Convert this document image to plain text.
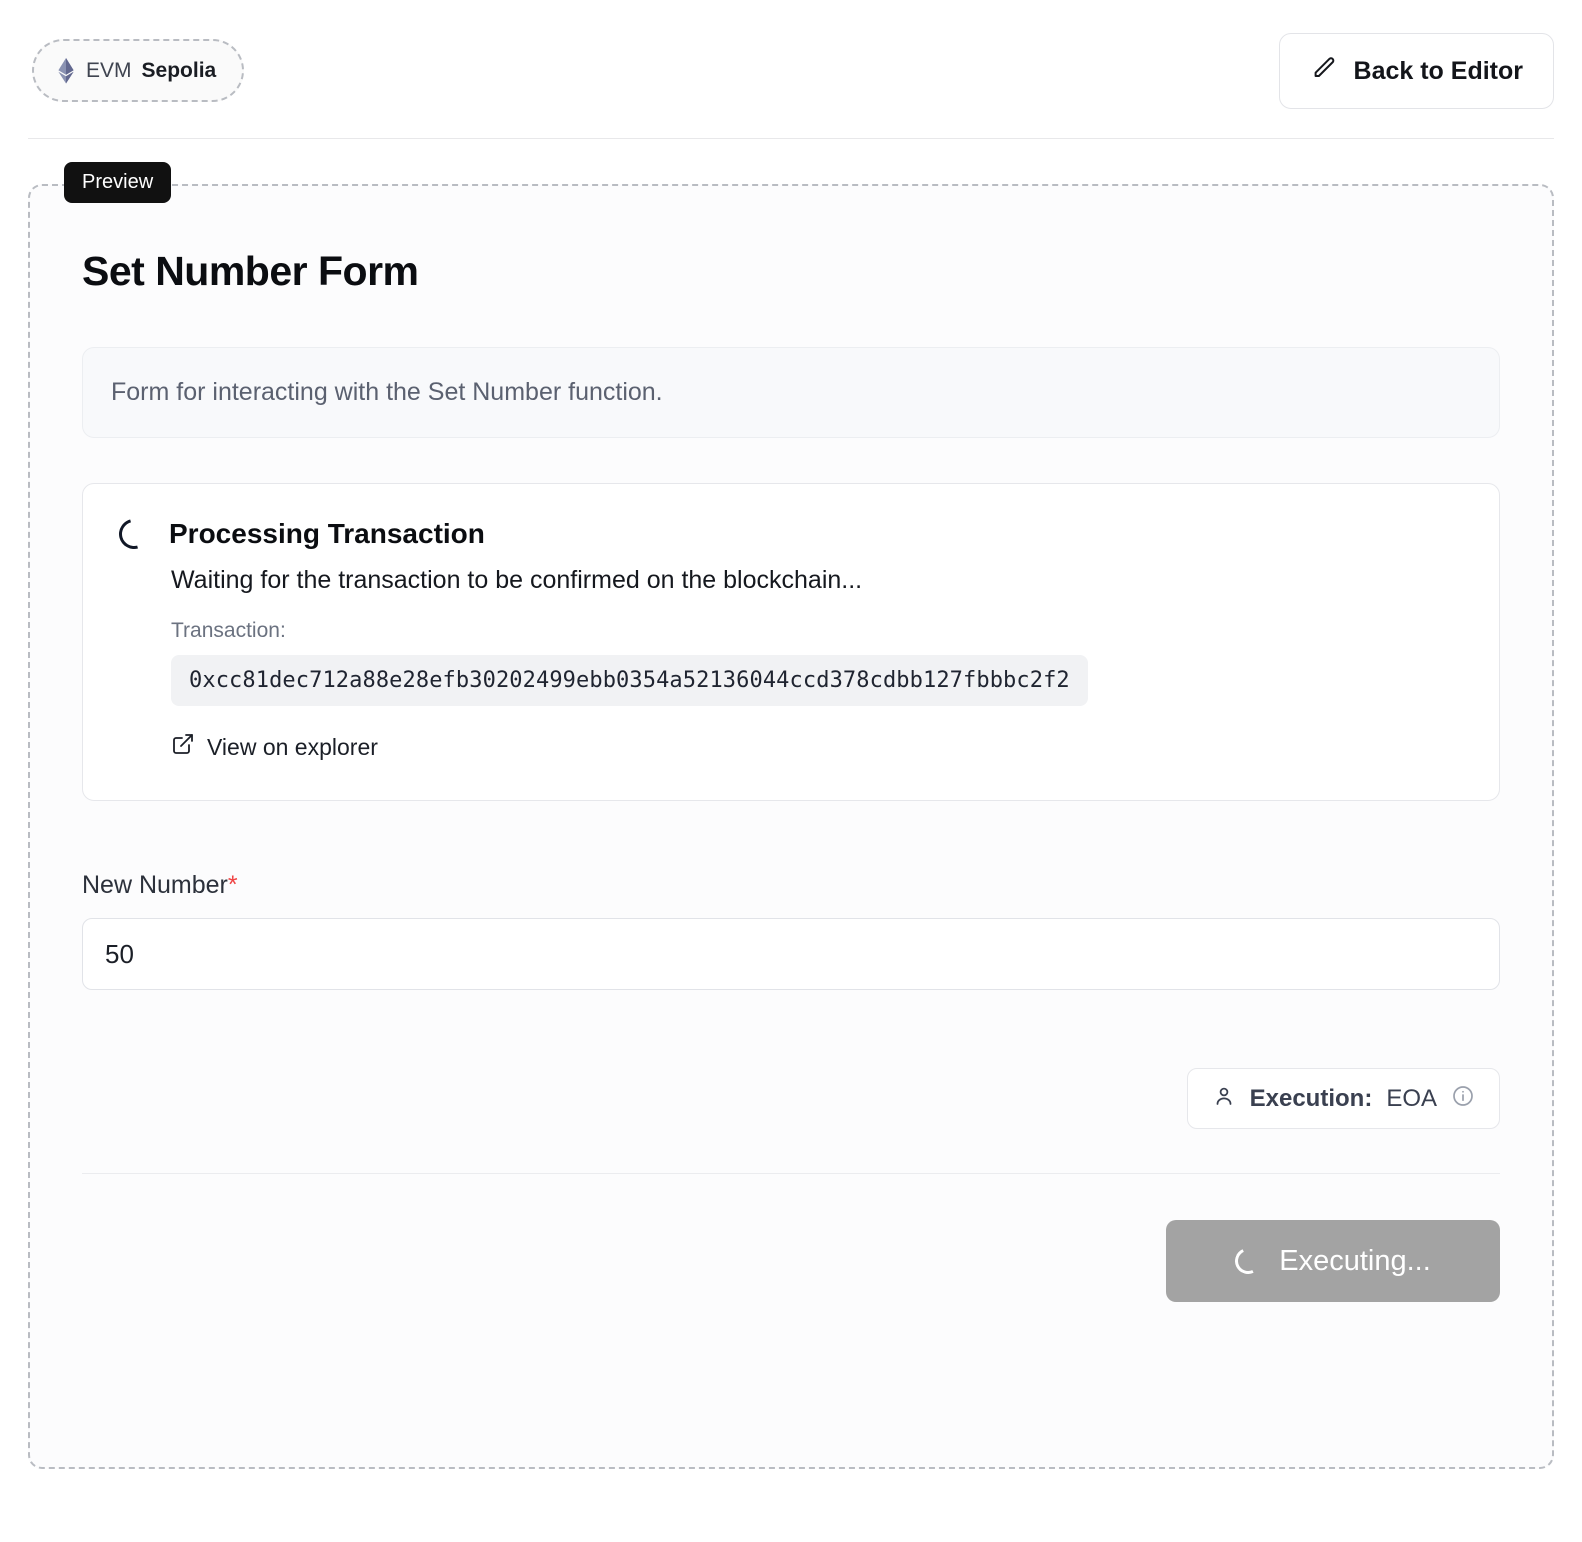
EVM Sepolia	Back to Editor
Preview
Set Number Form
Form for interacting with the Set Number function.
Processing Transaction
Waiting for the transaction to be confirmed on the blockchain...
Transaction:
0xcc81dec712a88e28efb30202499ebb0354a52136044ccd378cdbb127fbbbc2f2
View on explorer
New Number*
50
Execution: EOA
Executing...
